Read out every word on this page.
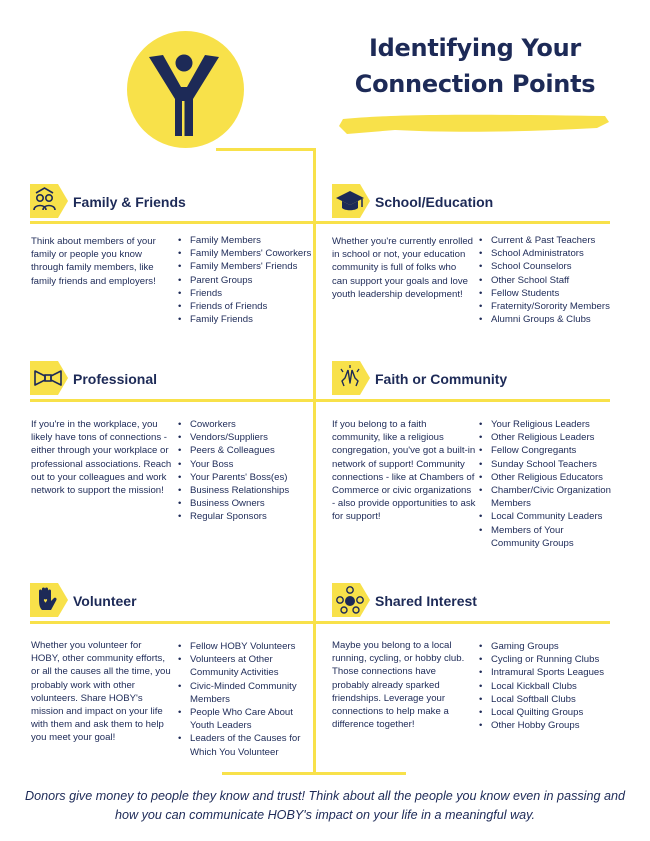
Identifying Your
Connection Points
Family & Friends
Think about members of your family or people you know through family members, like family friends and employers!
• Family Members
• Family Members' Coworkers
• Family Members' Friends
• Parent Groups
• Friends
• Friends of Friends
• Family Friends
School/Education
Whether you're currently enrolled in school or not, your education community is full of folks who can support your goals and love youth leadership development!
• Current & Past Teachers
• School Administrators
• School Counselors
• Other School Staff
• Fellow Students
• Fraternity/Sorority Members
• Alumni Groups & Clubs
Professional
If you're in the workplace, you likely have tons of connections - either through your workplace or professional associations. Reach out to your colleagues and work network to support the mission!
• Coworkers
• Vendors/Suppliers
• Peers & Colleagues
• Your Boss
• Your Parents' Boss(es)
• Business Relationships
• Business Owners
• Regular Sponsors
Faith or Community
If you belong to a faith community, like a religious congregation, you've got a built-in network of support! Community connections - like at Chambers of Commerce or civic organizations - also provide opportunities to ask for support!
• Your Religious Leaders
• Other Religious Leaders
• Fellow Congregants
• Sunday School Teachers
• Other Religious Educators
• Chamber/Civic Organization Members
• Local Community Leaders
• Members of Your Community Groups
Volunteer
Whether you volunteer for HOBY, other community efforts, or all the causes all the time, you probably work with other volunteers. Share HOBY's mission and impact on your life with them and ask them to help you meet your goal!
• Fellow HOBY Volunteers
• Volunteers at Other Community Activities
• Civic-Minded Community Members
• People Who Care About Youth Leaders
• Leaders of the Causes for Which You Volunteer
Shared Interest
Maybe you belong to a local running, cycling, or hobby club. Those connections have probably already sparked friendships. Leverage your connections to help make a difference together!
• Gaming Groups
• Cycling or Running Clubs
• Intramural Sports Leagues
• Local Kickball Clubs
• Local Softball Clubs
• Local Quilting Groups
• Other Hobby Groups
Donors give money to people they know and trust! Think about all the people you know even in passing and how you can communicate HOBY's impact on your life in a meaningful way.
